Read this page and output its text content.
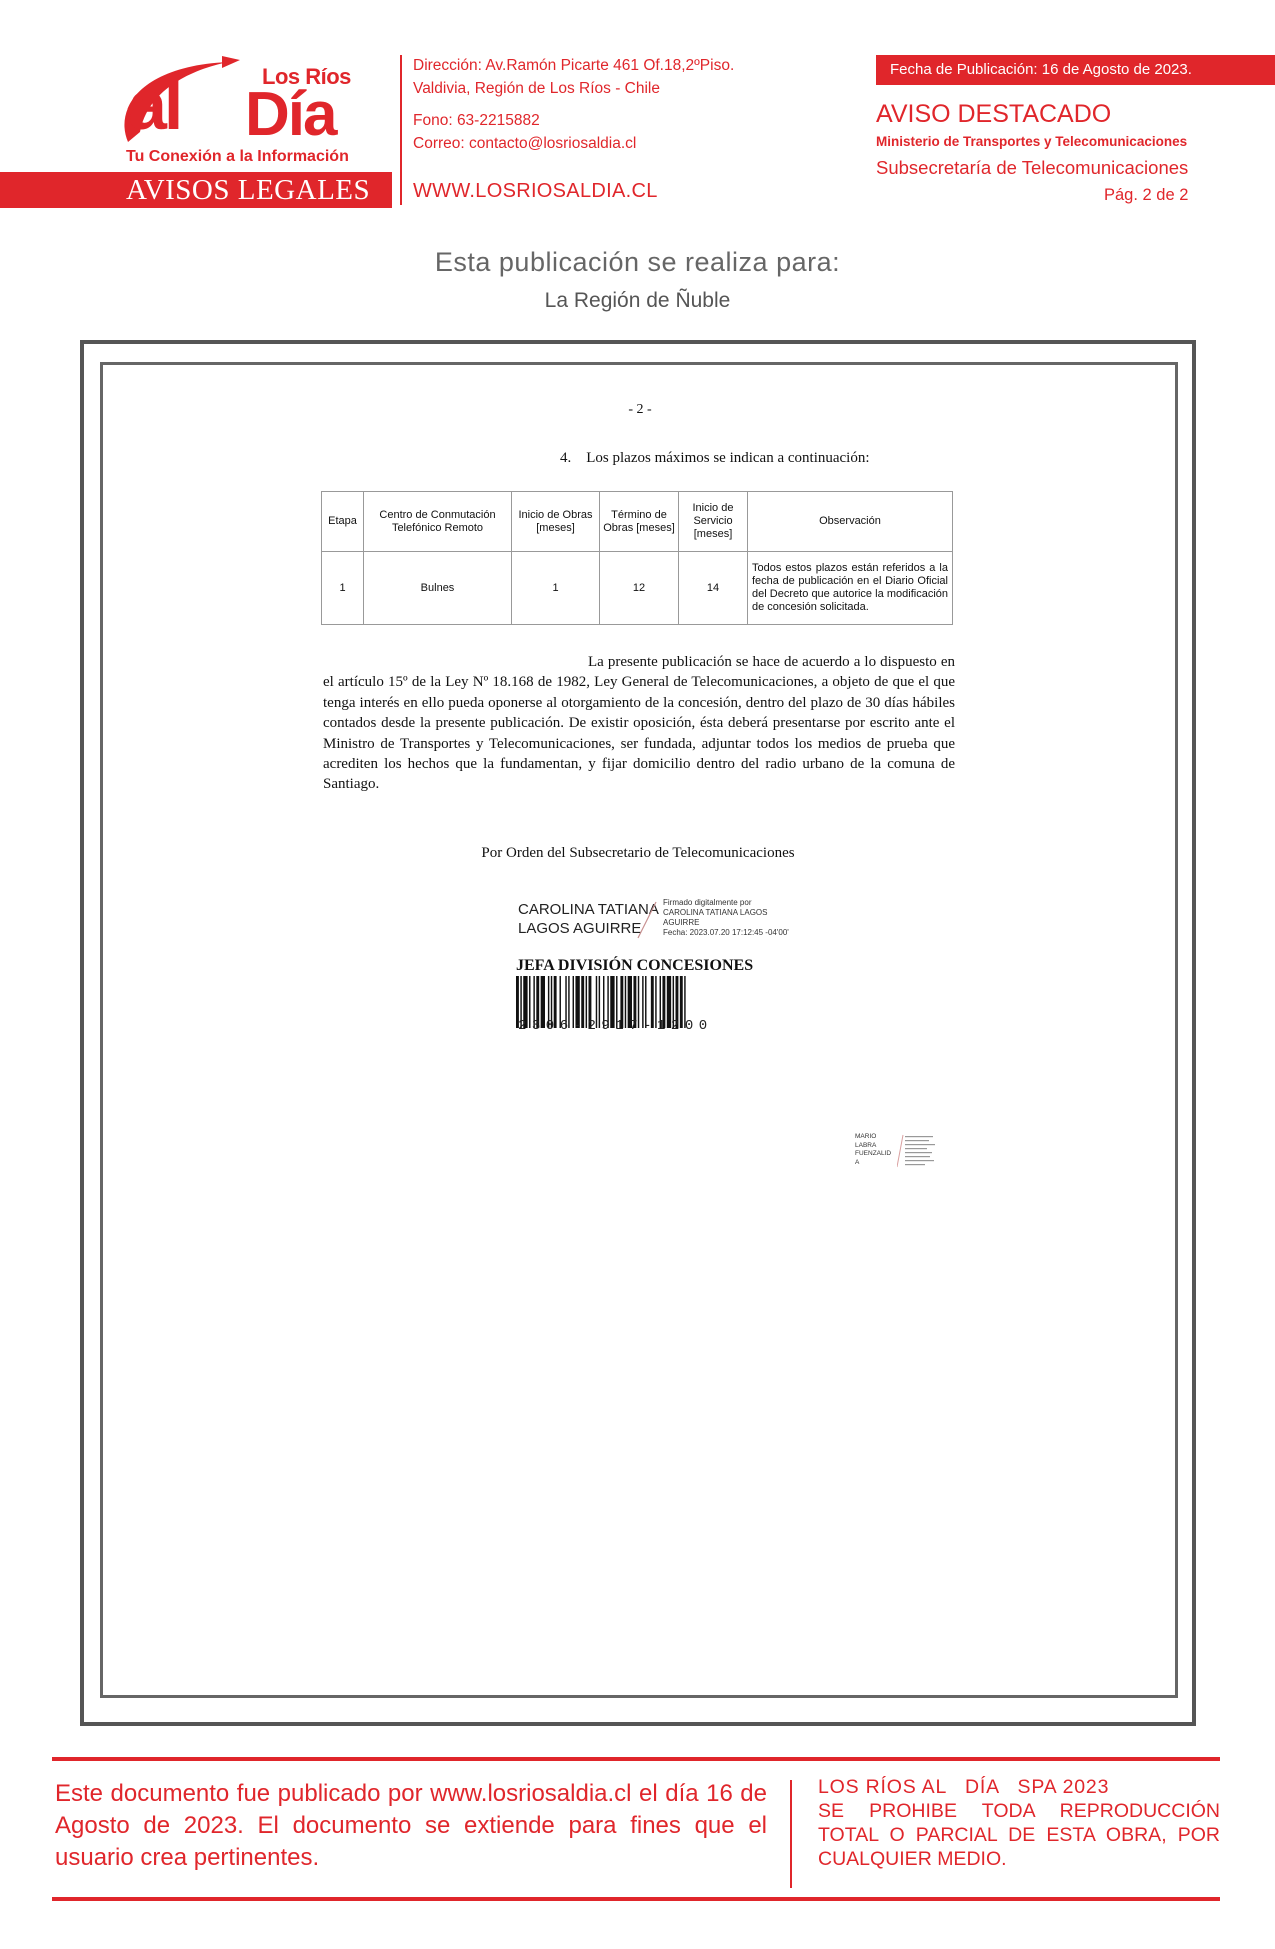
Los Ríos
al Día
Tu Conexión a la Información
AVISOS LEGALES
Dirección: Av.Ramón Picarte 461 Of.18,2ºPiso.
Valdivia, Región de Los Ríos - Chile
Fono: 63-2215882
Correo: contacto@losriosaldia.cl
WWW.LOSRIOSALDIA.CL
Fecha de Publicación: 16 de Agosto de 2023.
AVISO DESTACADO
Ministerio de Transportes y Telecomunicaciones
Subsecretaría de Telecomunicaciones
Pág. 2 de 2
Esta publicación se realiza para:
La Región de Ñuble
- 2 -
4.    Los plazos máximos se indican a continuación:
Etapa	Centro de Conmutación Telefónico Remoto	Inicio de Obras [meses]	Término de Obras [meses]	Inicio de Servicio [meses]	Observación
1	Bulnes	1	12	14	Todos estos plazos están referidos a la fecha de publicación en el Diario Oficial del Decreto que autorice la modificación de concesión solicitada.
La presente publicación se hace de acuerdo a lo dispuesto en el artículo 15º de la Ley Nº 18.168 de 1982, Ley General de Telecomunicaciones, a objeto de que el que tenga interés en ello pueda oponerse al otorgamiento de la concesión, dentro del plazo de 30 días hábiles contados desde la presente publicación. De existir oposición, ésta deberá presentarse por escrito ante el Ministro de Transportes y Telecomunicaciones, ser fundada, adjuntar todos los medios de prueba que acrediten los hechos que la fundamentan, y fijar domicilio dentro del radio urbano de la comuna de Santiago.
Por Orden del Subsecretario de Telecomunicaciones
CAROLINA TATIANA
LAGOS AGUIRRE
Firmado digitalmente por
CAROLINA TATIANA LAGOS
AGUIRRE
Fecha: 2023.07.20 17:12:45 -04'00'
JEFA DIVISIÓN CONCESIONES
2306-2917-1200
MARIO
LABRA
FUENZALID
A
Este documento fue publicado por www.losriosaldia.cl el día 16 de Agosto de 2023. El documento se extiende para fines que el usuario crea pertinentes.
LOS RÍOS AL   DÍA   SPA 2023
SE PROHIBE TODA REPRODUCCIÓN TOTAL O PARCIAL DE ESTA OBRA, POR CUALQUIER MEDIO.
